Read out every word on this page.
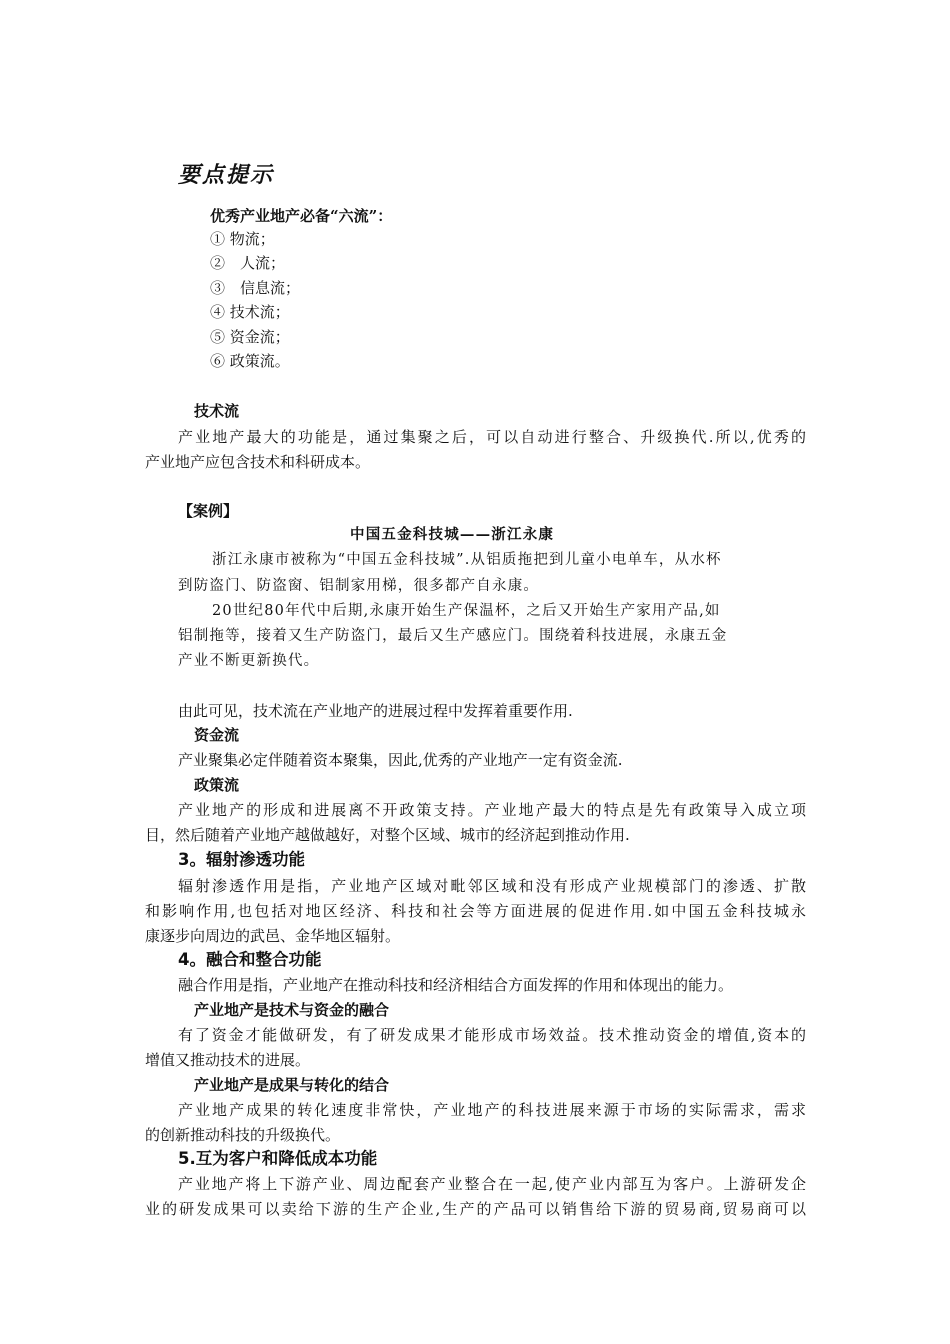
要点提示
优秀产业地产必备“六流”：
① 物流；
②　人流；
③　信息流；
④ 技术流；
⑤ 资金流；
⑥ 政策流。
技术流
产业地产最大的功能是，通过集聚之后，可以自动进行整合、升级换代.所以,优秀的
产业地产应包含技术和科研成本。
【案例】
中国五金科技城——浙江永康
浙江永康市被称为“中国五金科技城”.从铝质拖把到儿童小电单车，从水杯
到防盗门、防盗窗、铝制家用梯，很多都产自永康。
20世纪80年代中后期,永康开始生产保温杯，之后又开始生产家用产品,如
铝制拖等，接着又生产防盗门，最后又生产感应门。围绕着科技进展，永康五金
产业不断更新换代。
由此可见，技术流在产业地产的进展过程中发挥着重要作用.
资金流
产业聚集必定伴随着资本聚集，因此,优秀的产业地产一定有资金流.
政策流
产业地产的形成和进展离不开政策支持。产业地产最大的特点是先有政策导入成立项
目，然后随着产业地产越做越好，对整个区域、城市的经济起到推动作用.
3。辐射渗透功能
辐射渗透作用是指，产业地产区域对毗邻区域和没有形成产业规模部门的渗透、扩散
和影响作用,也包括对地区经济、科技和社会等方面进展的促进作用.如中国五金科技城永
康逐步向周边的武邑、金华地区辐射。
4。融合和整合功能
融合作用是指，产业地产在推动科技和经济相结合方面发挥的作用和体现出的能力。
产业地产是技术与资金的融合
有了资金才能做研发，有了研发成果才能形成市场效益。技术推动资金的增值,资本的
增值又推动技术的进展。
产业地产是成果与转化的结合
产业地产成果的转化速度非常快，产业地产的科技进展来源于市场的实际需求，需求
的创新推动科技的升级换代。
5.互为客户和降低成本功能
产业地产将上下游产业、周边配套产业整合在一起,使产业内部互为客户。上游研发企
业的研发成果可以卖给下游的生产企业,生产的产品可以销售给下游的贸易商,贸易商可以
